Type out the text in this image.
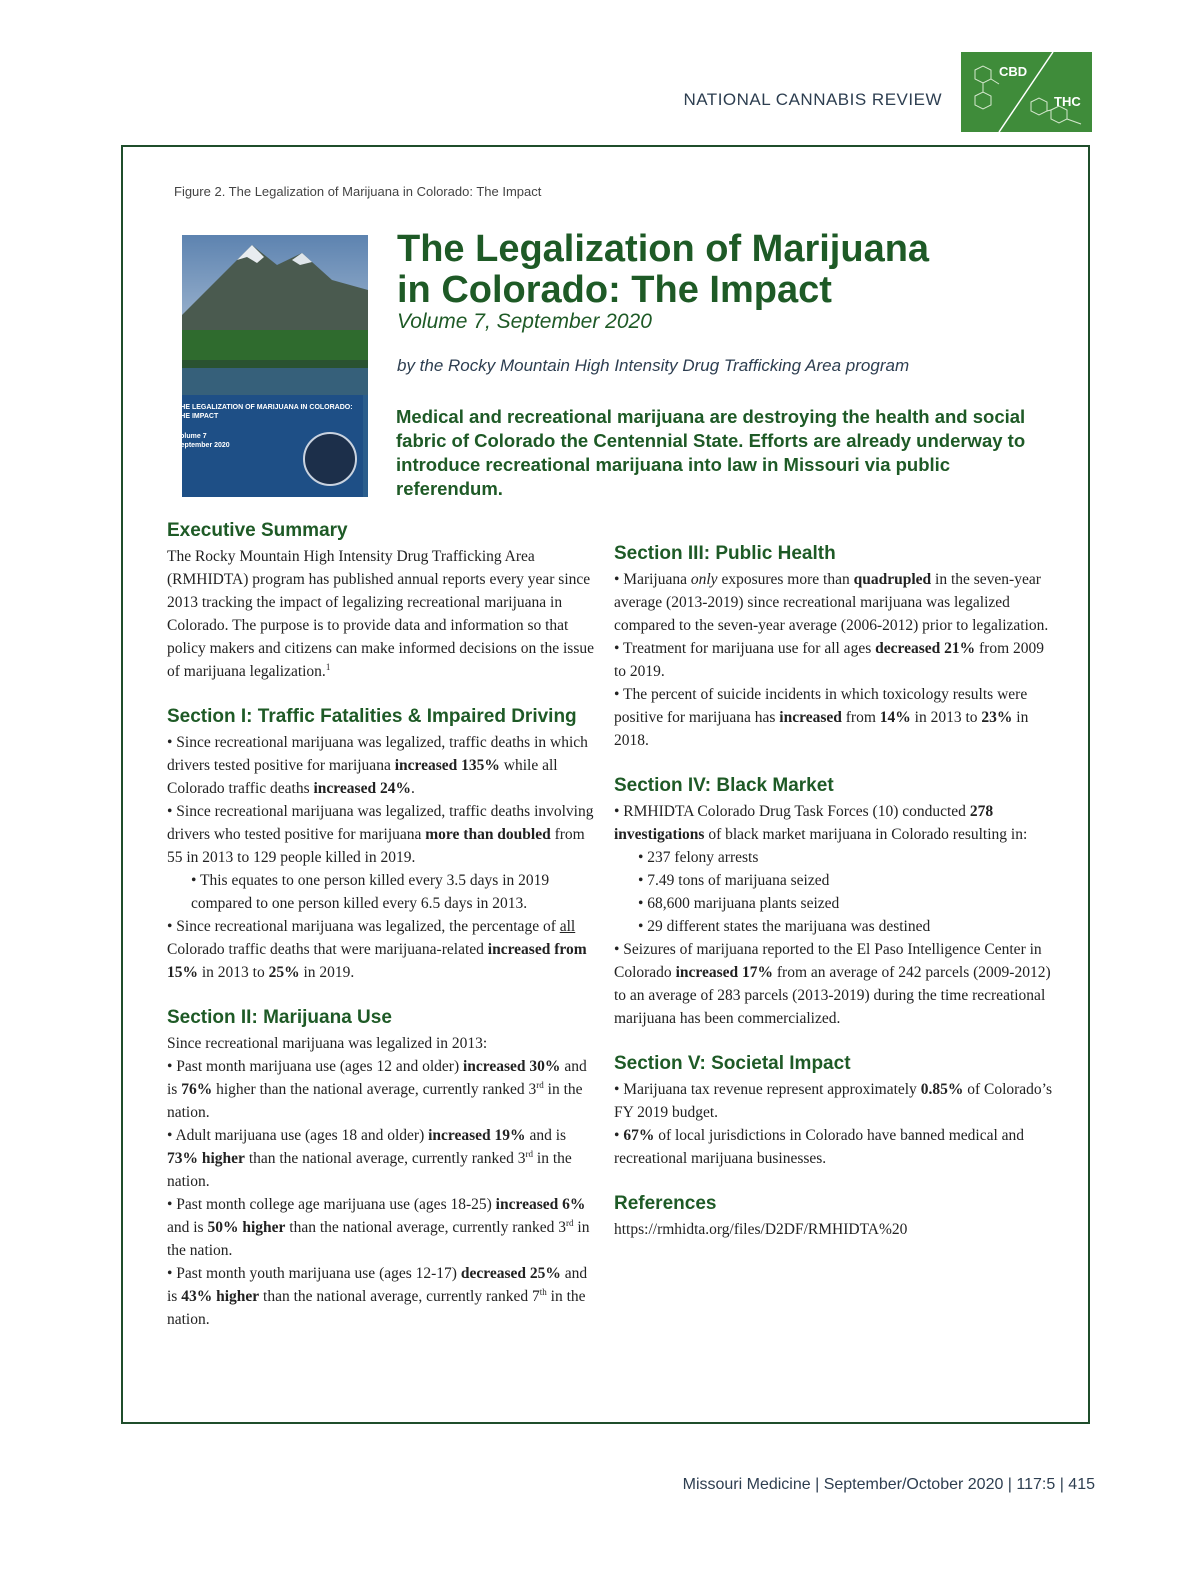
NATIONAL CANNABIS REVIEW
CBD
THC
Figure 2. The Legalization of Marijuana in Colorado: The Impact
THE LEGALIZATION OF MARIJUANA IN COLORADO: THE IMPACT
Volume 7
September 2020
The Legalization of Marijuana
in Colorado: The Impact
Volume 7, September 2020
by the Rocky Mountain High Intensity Drug Trafficking Area program
Medical and recreational marijuana are destroying the health and social fabric of Colorado the Centennial State. Efforts are already underway to introduce recreational marijuana into law in Missouri via public referendum.
Executive Summary

The Rocky Mountain High Intensity Drug Trafficking Area (RMHIDTA) program has published annual reports every year since 2013 tracking the impact of legalizing recreational marijuana in Colorado. The purpose is to provide data and information so that policy makers and citizens can make informed decisions on the issue of marijuana legalization.$^1$

Section I: Traffic Fatalities & Impaired Driving

• Since recreational marijuana was legalized, traffic deaths in which drivers tested positive for marijuana increased 135% while all Colorado traffic deaths increased 24%.

• Since recreational marijuana was legalized, traffic deaths involving drivers who tested positive for marijuana more than doubled from 55 in 2013 to 129 people killed in 2019.

• This equates to one person killed every 3.5 days in 2019 compared to one person killed every 6.5 days in 2013.

• Since recreational marijuana was legalized, the percentage of all Colorado traffic deaths that were marijuana-related increased from 15% in 2013 to 25% in 2019.

Section II: Marijuana Use

Since recreational marijuana was legalized in 2013:

• Past month marijuana use (ages 12 and older) increased 30% and is 76% higher than the national average, currently ranked 3rd in the nation.

• Adult marijuana use (ages 18 and older) increased 19% and is 73% higher than the national average, currently ranked 3rd in the nation.

• Past month college age marijuana use (ages 18-25) increased 6% and is 50% higher than the national average, currently ranked 3rd in the nation.

• Past month youth marijuana use (ages 12-17) decreased 25% and is 43% higher than the national average, currently ranked 7th in the nation.

Section III: Public Health

• Marijuana only exposures more than quadrupled in the seven-year average (2013-2019) since recreational marijuana was legalized compared to the seven-year average (2006-2012) prior to legalization.

• Treatment for marijuana use for all ages decreased 21% from 2009 to 2019.

• The percent of suicide incidents in which toxicology results were positive for marijuana has increased from 14% in 2013 to 23% in 2018.

Section IV: Black Market

• RMHIDTA Colorado Drug Task Forces (10) conducted 278 investigations of black market marijuana in Colorado resulting in:

• 237 felony arrests

• 7.49 tons of marijuana seized

• 68,600 marijuana plants seized

• 29 different states the marijuana was destined

• Seizures of marijuana reported to the El Paso Intelligence Center in Colorado increased 17% from an average of 242 parcels (2009-2012) to an average of 283 parcels (2013-2019) during the time recreational marijuana has been commercialized.

Section V: Societal Impact

• Marijuana tax revenue represent approximately 0.85% of Colorado’s FY 2019 budget.

• 67% of local jurisdictions in Colorado have banned medical and recreational marijuana businesses.

References

https://rmhidta.org/files/D2DF/RMHIDTA%20

Missouri Medicine | September/October 2020 | 117:5 | 415
